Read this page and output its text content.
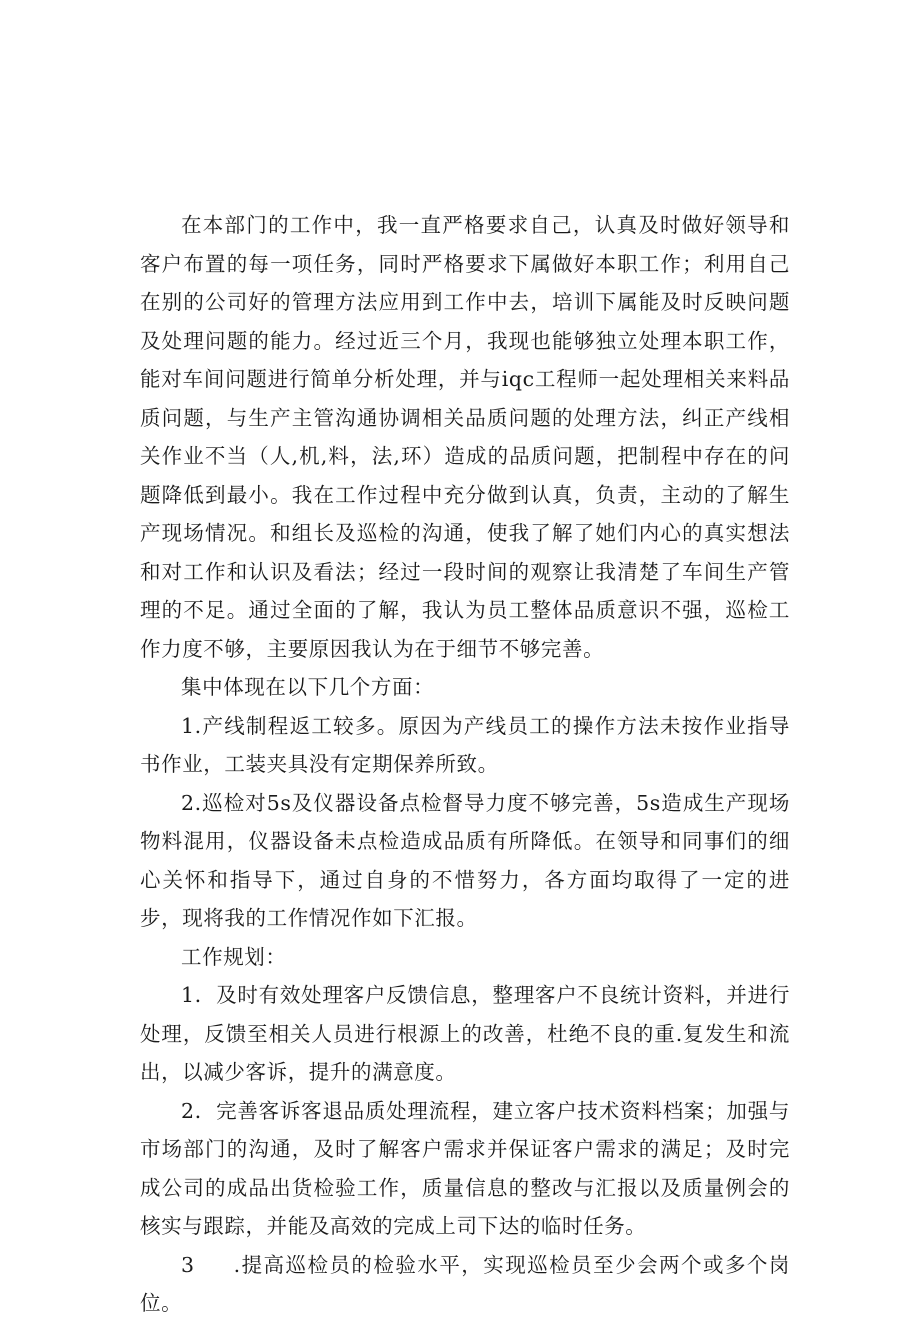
在本部门的工作中，我一直严格要求自己，认真及时做好领导和客户布置的每一项任务，同时严格要求下属做好本职工作；利用自己在别的公司好的管理方法应用到工作中去，培训下属能及时反映问题及处理问题的能力。经过近三个月，我现也能够独立处理本职工作，能对车间问题进行简单分析处理，并与iqc工程师一起处理相关来料品质问题，与生产主管沟通协调相关品质问题的处理方法，纠正产线相关作业不当（人,机,料，法,环）造成的品质问题，把制程中存在的问题降低到最小。我在工作过程中充分做到认真，负责，主动的了解生产现场情况。和组长及巡检的沟通，使我了解了她们内心的真实想法和对工作和认识及看法；经过一段时间的观察让我清楚了车间生产管理的不足。通过全面的了解，我认为员工整体品质意识不强，巡检工作力度不够，主要原因我认为在于细节不够完善。

集中体现在以下几个方面：

1.产线制程返工较多。原因为产线员工的操作方法未按作业指导书作业，工装夹具没有定期保养所致。

2.巡检对5s及仪器设备点检督导力度不够完善，5s造成生产现场物料混用，仪器设备未点检造成品质有所降低。在领导和同事们的细心关怀和指导下，通过自身的不惜努力，各方面均取得了一定的进步，现将我的工作情况作如下汇报。

工作规划：

1．及时有效处理客户反馈信息，整理客户不良统计资料，并进行处理，反馈至相关人员进行根源上的改善，杜绝不良的重.复发生和流出，以减少客诉，提升的满意度。

2．完善客诉客退品质处理流程，建立客户技术资料档案；加强与市场部门的沟通，及时了解客户需求并保证客户需求的满足；及时完成公司的成品出货检验工作，质量信息的整改与汇报以及质量例会的核实与跟踪，并能及高效的完成上司下达的临时任务。

3 .提高巡检员的检验水平，实现巡检员至少会两个或多个岗位。
